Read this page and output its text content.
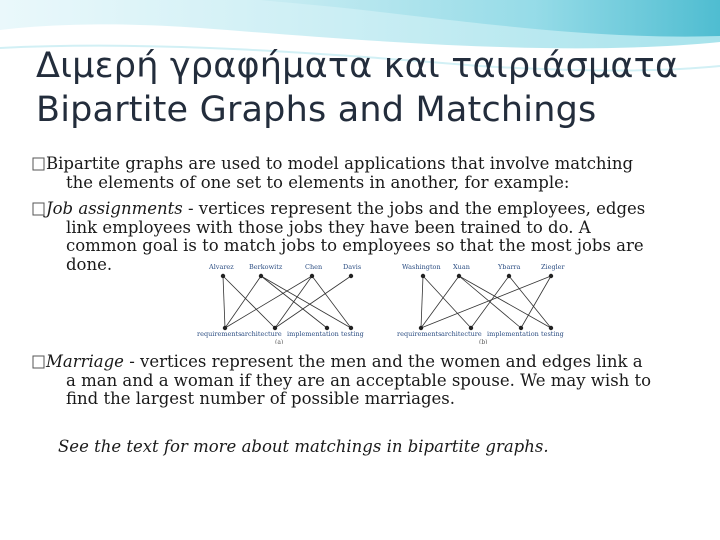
Διμερή γραφήματα και ταιριάσματα
Bipartite Graphs and Matchings
Bipartite graphs are used to model applications that involve matching
the elements of one set to elements in another, for example:
Job assignments - vertices represent the jobs and the employees, edges
link employees with those jobs they have been trained to do. A
common goal is to match jobs to employees so that the most jobs are
done.	Alvarez Berkowitz	Chen	Davis
requirements architecture implementation testing
(a)
Washington Xuan	Ybarra	Ziegler
requirements architecture implementation testing
(b)
Marriage - vertices represent the men and the women and edges link a
a man and a woman if they are an acceptable spouse. We may wish to
find the largest number of possible marriages.
See the text for more about matchings in bipartite graphs.
